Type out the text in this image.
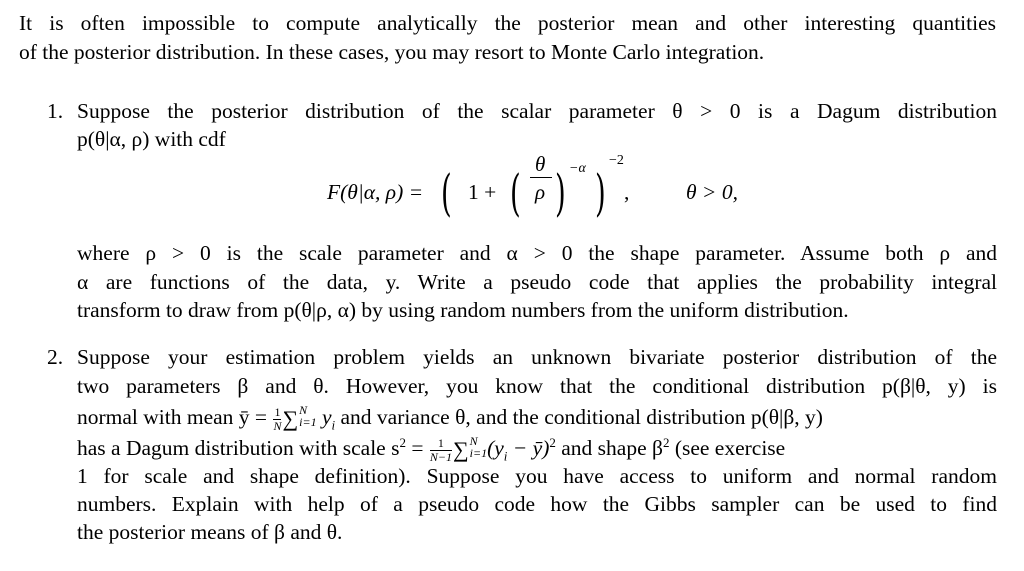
It is often impossible to compute analytically the posterior mean and other interesting quantities
of the posterior distribution. In these cases, you may resort to Monte Carlo integration.
1. Suppose the posterior distribution of the scalar parameter θ > 0 is a Dagum distribution
p(θ|α, ρ) with cdf
F(θ|α, ρ) = ( 1 + ( θ
ρ ) −α )
−2
,	θ > 0,
where ρ > 0 is the scale parameter and α > 0 the shape parameter. Assume both ρ and
α are functions of the data, y. Write a pseudo code that applies the probability integral
transform to draw from p(θ|ρ, α) by using random numbers from the uniform distribution.
2. Suppose your estimation problem yields an unknown bivariate posterior distribution of the
two parameters β and θ. However, you know that the conditional distribution p(β|θ, y) is
normal with mean ȳ = $\frac{1}{N}$ ∑ N
i=1 $y_i$ and variance θ, and the conditional distribution p(θ|β, y)
has a Dagum distribution with scale $s^2 = \frac{1}{N-1}$ ∑ N
i=1 ($y_i$ − ȳ)$^2$ and shape $\beta^2$ (see exercise
1 for scale and shape definition). Suppose you have access to uniform and normal random
numbers. Explain with help of a pseudo code how the Gibbs sampler can be used to find
the posterior means of β and θ.
